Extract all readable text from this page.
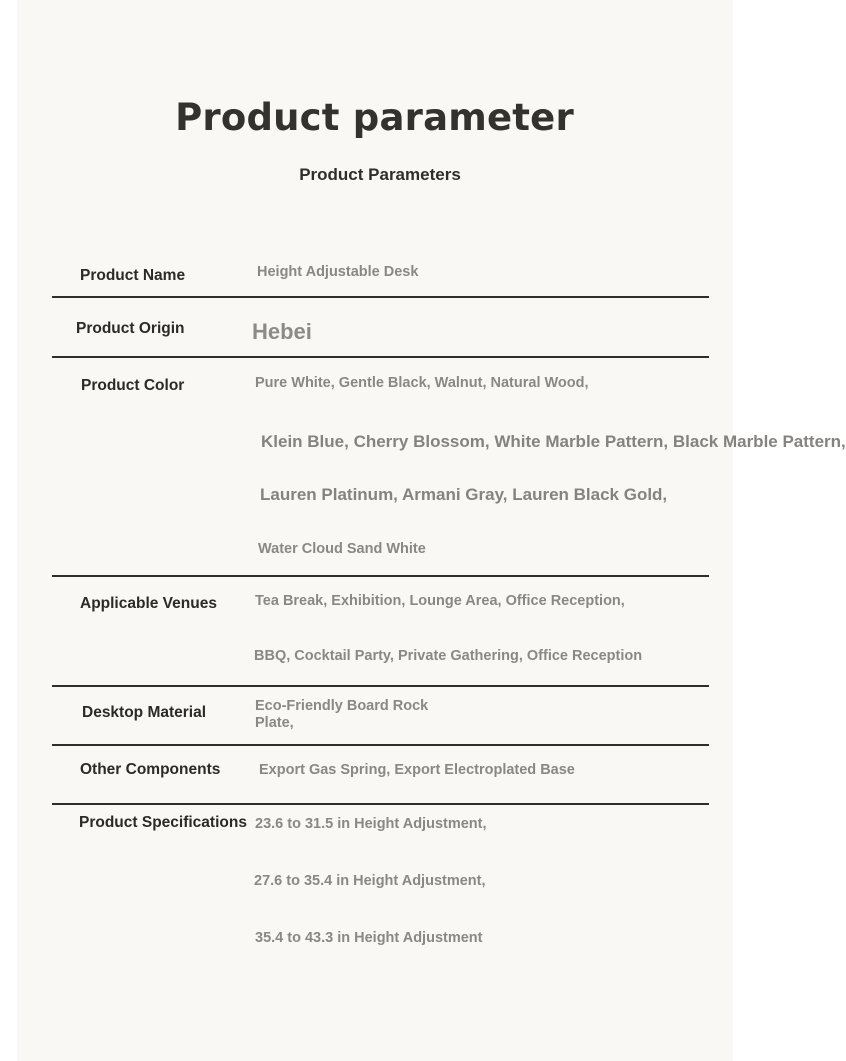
Product parameter
Product Parameters
Product Name	Height Adjustable Desk
Product Origin	Hebei
Product Color	Pure White, Gentle Black, Walnut, Natural Wood,
Klein Blue, Cherry Blossom, White Marble Pattern, Black Marble Pattern,
Lauren Platinum, Armani Gray, Lauren Black Gold,
Water Cloud Sand White
Applicable Venues	Tea Break, Exhibition, Lounge Area, Office Reception,
BBQ, Cocktail Party, Private Gathering, Office Reception
Desktop Material	Eco-Friendly Board Rock Plate,
Other Components	Export Gas Spring, Export Electroplated Base
Product Specifications 23.6 to 31.5 in Height Adjustment,
27.6 to 35.4 in Height Adjustment,
35.4 to 43.3 in Height Adjustment
